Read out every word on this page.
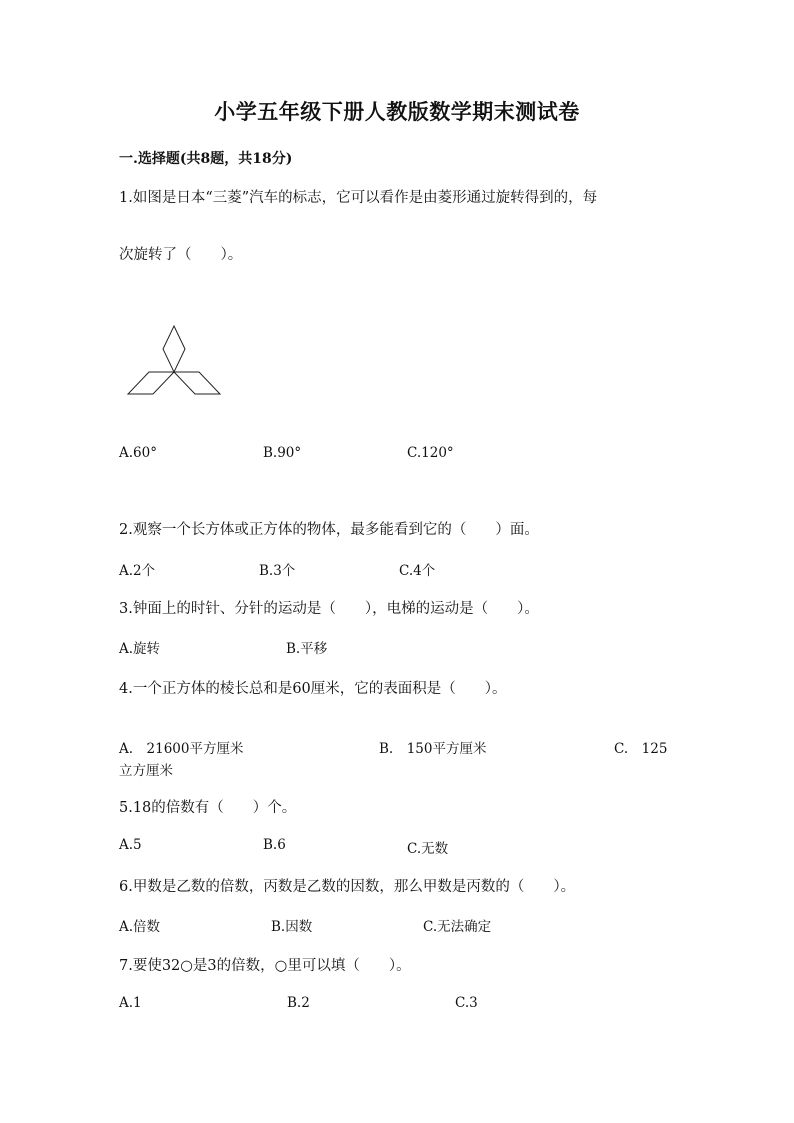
小学五年级下册人教版数学期末测试卷
一.选择题(共8题，共18分)
1.如图是日本“三菱”汽车的标志，它可以看作是由菱形通过旋转得到的，每
次旋转了（　　）。
A.60°	B.90°	C.120°
2.观察一个长方体或正方体的物体，最多能看到它的（　　）面。
A.2个	B.3个	C.4个
3.钟面上的时针、分针的运动是（　　），电梯的运动是（　　）。
A.旋转	B.平移
4.一个正方体的棱长总和是60厘米，它的表面积是（　　）。
A.　21600平方厘米	B.　150平方厘米	C.　125
立方厘米
5.18的倍数有（　　）个。
A.5	B.6	C.无数
6.甲数是乙数的倍数，丙数是乙数的因数，那么甲数是丙数的（　　）。
A.倍数	B.因数	C.无法确定
7.要使32○是3的倍数，○里可以填（　　）。
A.1	B.2	C.3
